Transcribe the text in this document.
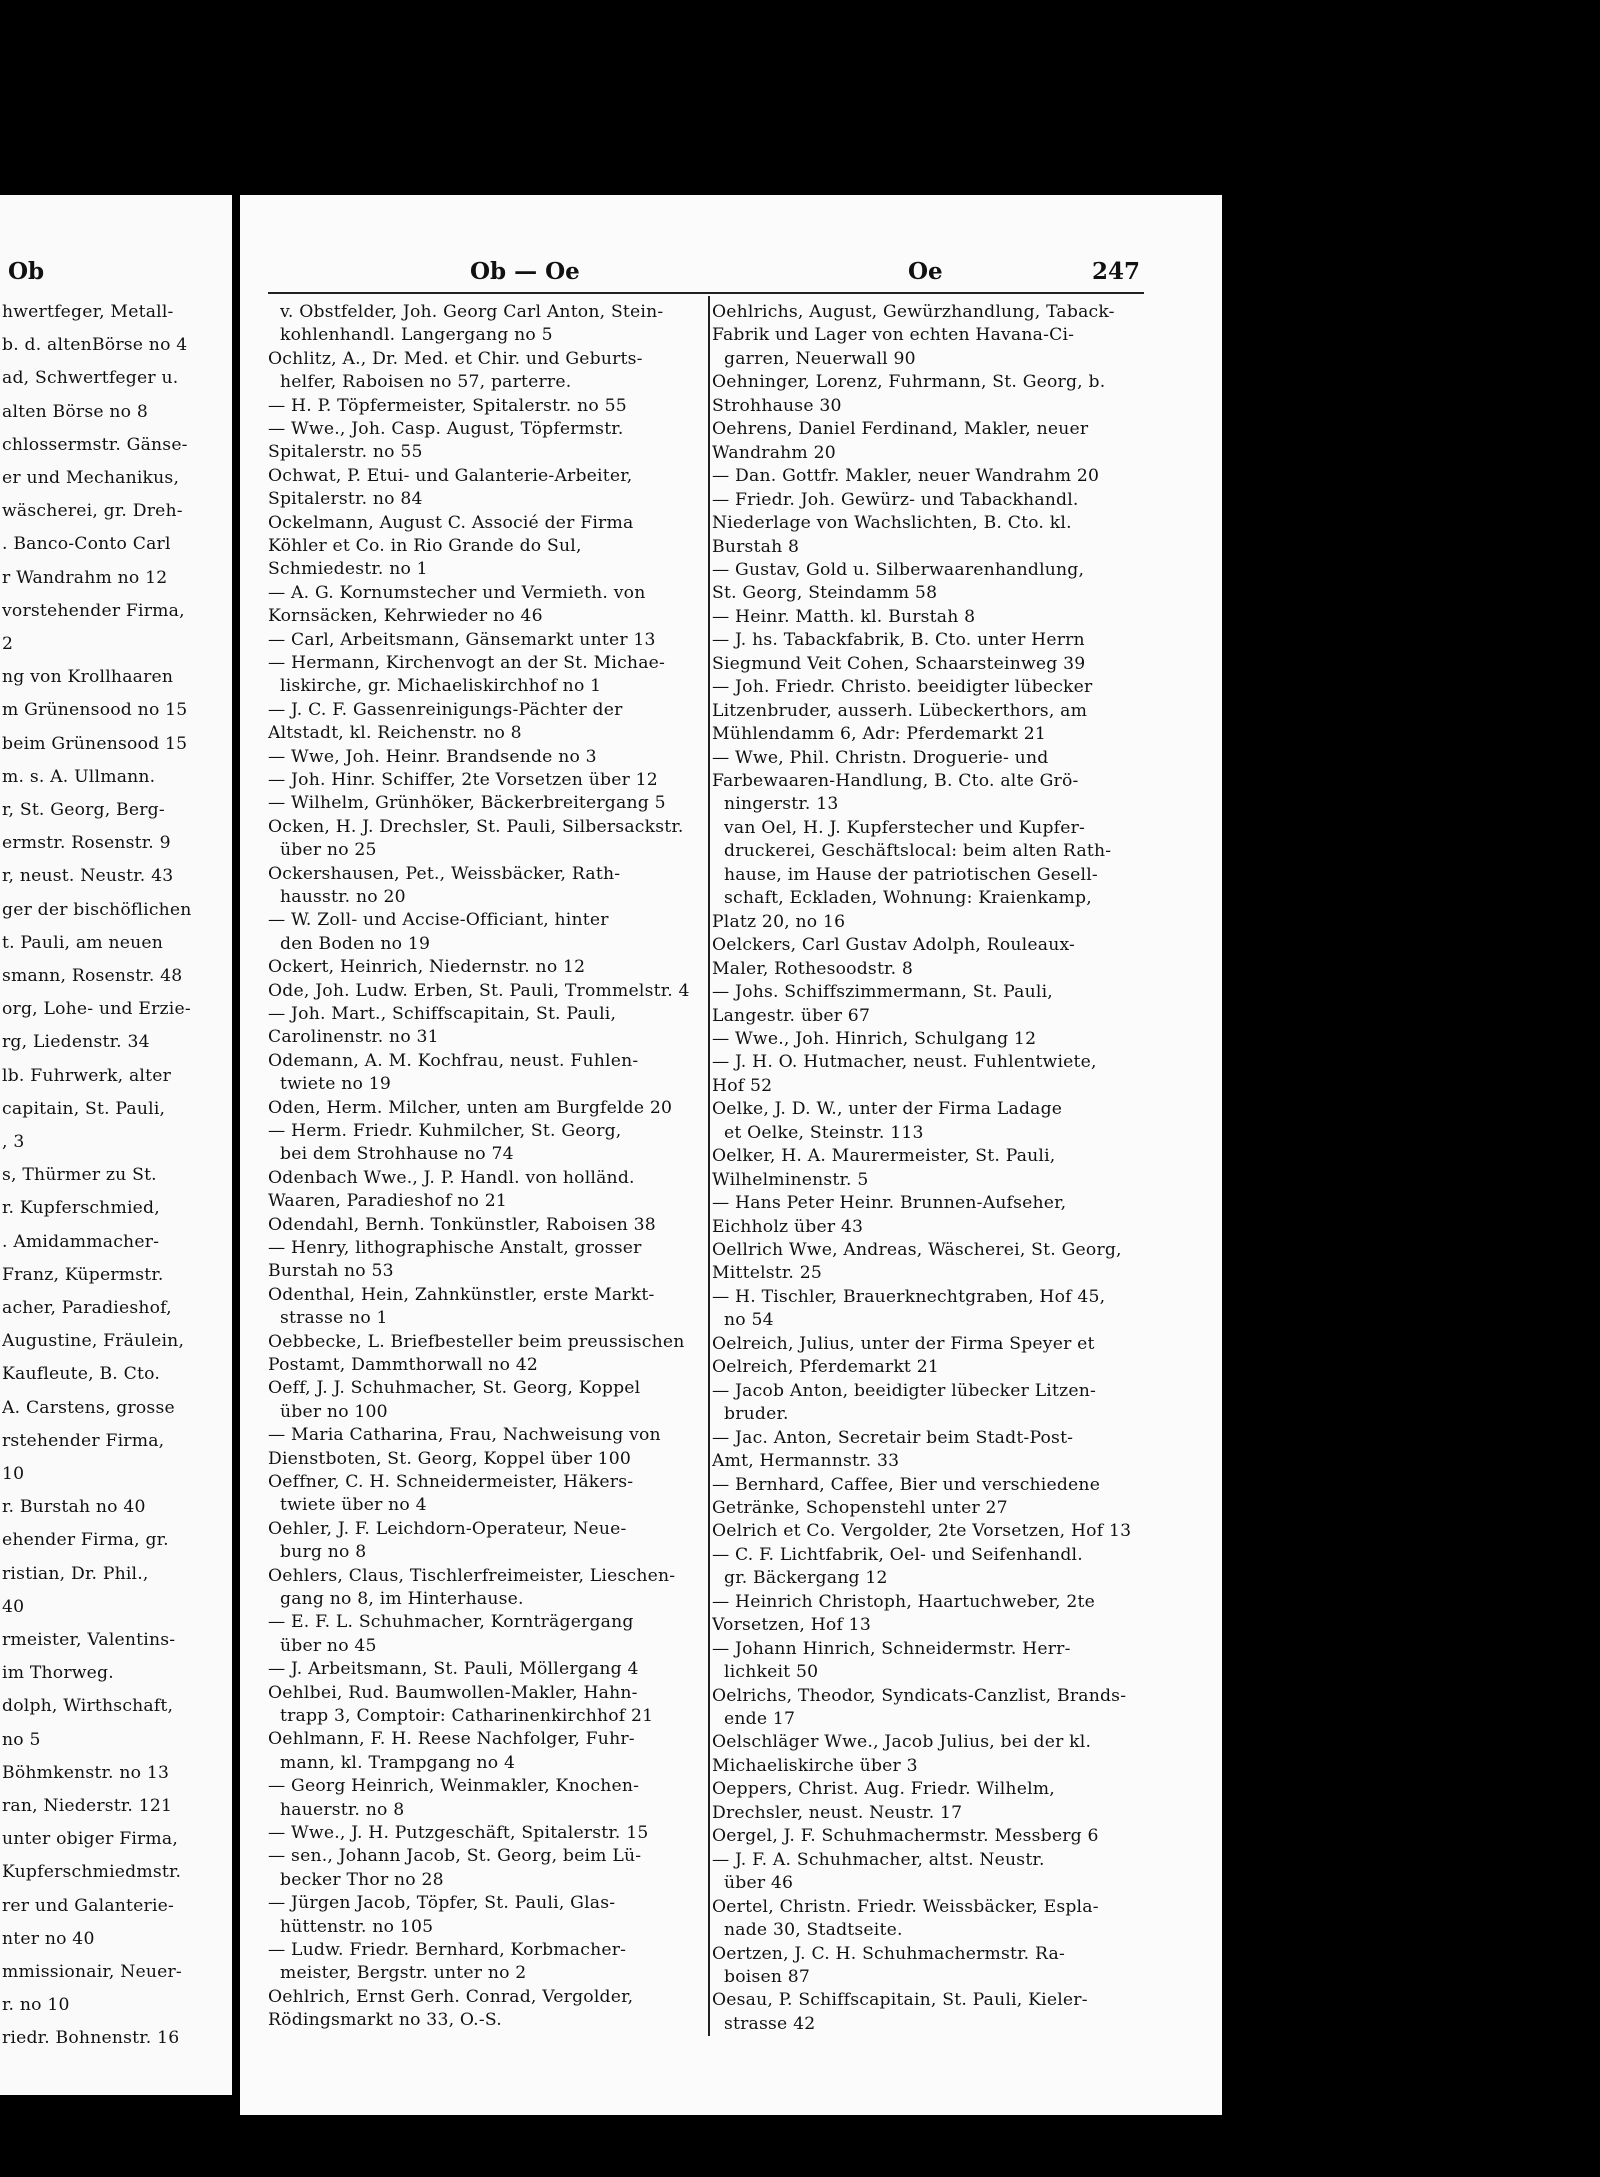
Ob	Ob — Oe	Oe	247
hwertfeger, Metall-
b. d. altenBörse no 4
ad, Schwertfeger u.
alten Börse no 8
chlossermstr. Gänse-
er und Mechanikus,
wäscherei, gr. Dreh-
. Banco-Conto Carl
r Wandrahm no 12
vorstehender Firma,
2
ng von Krollhaaren
m Grünensood no 15
beim Grünensood 15
m. s. A. Ullmann.
r, St. Georg, Berg-
ermstr. Rosenstr. 9
r, neust. Neustr. 43
ger der bischöflichen
t. Pauli, am neuen
smann, Rosenstr. 48
org, Lohe- und Erzie-
rg, Liedenstr. 34
lb. Fuhrwerk, alter
capitain, St. Pauli,
, 3
s, Thürmer zu St.
r. Kupferschmied,
. Amidammacher-
Franz, Küpermstr.
acher, Paradieshof,
Augustine, Fräulein,
Kaufleute, B. Cto.
A. Carstens, grosse
rstehender Firma,
10
r. Burstah no 40
ehender Firma, gr.
ristian, Dr. Phil.,
40
rmeister, Valentins-
im Thorweg.
dolph, Wirthschaft,
no 5
Böhmkenstr. no 13
ran, Niederstr. 121
unter obiger Firma,
Kupferschmiedmstr.
rer und Galanterie-
nter no 40
mmissionair, Neuer-
r. no 10
riedr. Bohnenstr. 16
v. Obstfelder, Joh. Georg Carl Anton, Stein-
kohlenhandl. Langergang no 5
Ochlitz, A., Dr. Med. et Chir. und Geburts-
helfer, Raboisen no 57, parterre.
— H. P. Töpfermeister, Spitalerstr. no 55
— Wwe., Joh. Casp. August, Töpfermstr.
Spitalerstr. no 55
Ochwat, P. Etui- und Galanterie-Arbeiter,
Spitalerstr. no 84
Ockelmann, August C. Associé der Firma
Köhler et Co. in Rio Grande do Sul,
Schmiedestr. no 1
— A. G. Kornumstecher und Vermieth. von
Kornsäcken, Kehrwieder no 46
— Carl, Arbeitsmann, Gänsemarkt unter 13
— Hermann, Kirchenvogt an der St. Michae-
liskirche, gr. Michaeliskirchhof no 1
— J. C. F. Gassenreinigungs-Pächter der
Altstadt, kl. Reichenstr. no 8
— Wwe, Joh. Heinr. Brandsende no 3
— Joh. Hinr. Schiffer, 2te Vorsetzen über 12
— Wilhelm, Grünhöker, Bäckerbreitergang 5
Ocken, H. J. Drechsler, St. Pauli, Silbersackstr.
über no 25
Ockershausen, Pet., Weissbäcker, Rath-
hausstr. no 20
— W. Zoll- und Accise-Officiant, hinter
den Boden no 19
Ockert, Heinrich, Niedernstr. no 12
Ode, Joh. Ludw. Erben, St. Pauli, Trommelstr. 4
— Joh. Mart., Schiffscapitain, St. Pauli,
Carolinenstr. no 31
Odemann, A. M. Kochfrau, neust. Fuhlen-
twiete no 19
Oden, Herm. Milcher, unten am Burgfelde 20
— Herm. Friedr. Kuhmilcher, St. Georg,
bei dem Strohhause no 74
Odenbach Wwe., J. P. Handl. von holländ.
Waaren, Paradieshof no 21
Odendahl, Bernh. Tonkünstler, Raboisen 38
— Henry, lithographische Anstalt, grosser
Burstah no 53
Odenthal, Hein, Zahnkünstler, erste Markt-
strasse no 1
Oebbecke, L. Briefbesteller beim preussischen
Postamt, Dammthorwall no 42
Oeff, J. J. Schuhmacher, St. Georg, Koppel
über no 100
— Maria Catharina, Frau, Nachweisung von
Dienstboten, St. Georg, Koppel über 100
Oeffner, C. H. Schneidermeister, Häkers-
twiete über no 4
Oehler, J. F. Leichdorn-Operateur, Neue-
burg no 8
Oehlers, Claus, Tischlerfreimeister, Lieschen-
gang no 8, im Hinterhause.
— E. F. L. Schuhmacher, Kornträgergang
über no 45
— J. Arbeitsmann, St. Pauli, Möllergang 4
Oehlbei, Rud. Baumwollen-Makler, Hahn-
trapp 3, Comptoir: Catharinenkirchhof 21
Oehlmann, F. H. Reese Nachfolger, Fuhr-
mann, kl. Trampgang no 4
— Georg Heinrich, Weinmakler, Knochen-
hauerstr. no 8
— Wwe., J. H. Putzgeschäft, Spitalerstr. 15
— sen., Johann Jacob, St. Georg, beim Lü-
becker Thor no 28
— Jürgen Jacob, Töpfer, St. Pauli, Glas-
hüttenstr. no 105
— Ludw. Friedr. Bernhard, Korbmacher-
meister, Bergstr. unter no 2
Oehlrich, Ernst Gerh. Conrad, Vergolder,
Rödingsmarkt no 33, O.-S.
Oehlrichs, August, Gewürzhandlung, Taback-
Fabrik und Lager von echten Havana-Ci-
garren, Neuerwall 90
Oehninger, Lorenz, Fuhrmann, St. Georg, b.
Strohhause 30
Oehrens, Daniel Ferdinand, Makler, neuer
Wandrahm 20
— Dan. Gottfr. Makler, neuer Wandrahm 20
— Friedr. Joh. Gewürz- und Tabackhandl.
Niederlage von Wachslichten, B. Cto. kl.
Burstah 8
— Gustav, Gold u. Silberwaarenhandlung,
St. Georg, Steindamm 58
— Heinr. Matth. kl. Burstah 8
— J. hs. Tabackfabrik, B. Cto. unter Herrn
Siegmund Veit Cohen, Schaarsteinweg 39
— Joh. Friedr. Christo. beeidigter lübecker
Litzenbruder, ausserh. Lübeckerthors, am
Mühlendamm 6, Adr: Pferdemarkt 21
— Wwe, Phil. Christn. Droguerie- und
Farbewaaren-Handlung, B. Cto. alte Grö-
ningerstr. 13
van Oel, H. J. Kupferstecher und Kupfer-
druckerei, Geschäftslocal: beim alten Rath-
hause, im Hause der patriotischen Gesell-
schaft, Eckladen, Wohnung: Kraienkamp,
Platz 20, no 16
Oelckers, Carl Gustav Adolph, Rouleaux-
Maler, Rothesoodstr. 8
— Johs. Schiffszimmermann, St. Pauli,
Langestr. über 67
— Wwe., Joh. Hinrich, Schulgang 12
— J. H. O. Hutmacher, neust. Fuhlentwiete,
Hof 52
Oelke, J. D. W., unter der Firma Ladage
et Oelke, Steinstr. 113
Oelker, H. A. Maurermeister, St. Pauli,
Wilhelminenstr. 5
— Hans Peter Heinr. Brunnen-Aufseher,
Eichholz über 43
Oellrich Wwe, Andreas, Wäscherei, St. Georg,
Mittelstr. 25
— H. Tischler, Brauerknechtgraben, Hof 45,
no 54
Oelreich, Julius, unter der Firma Speyer et
Oelreich, Pferdemarkt 21
— Jacob Anton, beeidigter lübecker Litzen-
bruder.
— Jac. Anton, Secretair beim Stadt-Post-
Amt, Hermannstr. 33
— Bernhard, Caffee, Bier und verschiedene
Getränke, Schopenstehl unter 27
Oelrich et Co. Vergolder, 2te Vorsetzen, Hof 13
— C. F. Lichtfabrik, Oel- und Seifenhandl.
gr. Bäckergang 12
— Heinrich Christoph, Haartuchweber, 2te
Vorsetzen, Hof 13
— Johann Hinrich, Schneidermstr. Herr-
lichkeit 50
Oelrichs, Theodor, Syndicats-Canzlist, Brands-
ende 17
Oelschläger Wwe., Jacob Julius, bei der kl.
Michaeliskirche über 3
Oeppers, Christ. Aug. Friedr. Wilhelm,
Drechsler, neust. Neustr. 17
Oergel, J. F. Schuhmachermstr. Messberg 6
— J. F. A. Schuhmacher, altst. Neustr.
über 46
Oertel, Christn. Friedr. Weissbäcker, Espla-
nade 30, Stadtseite.
Oertzen, J. C. H. Schuhmachermstr. Ra-
boisen 87
Oesau, P. Schiffscapitain, St. Pauli, Kieler-
strasse 42
